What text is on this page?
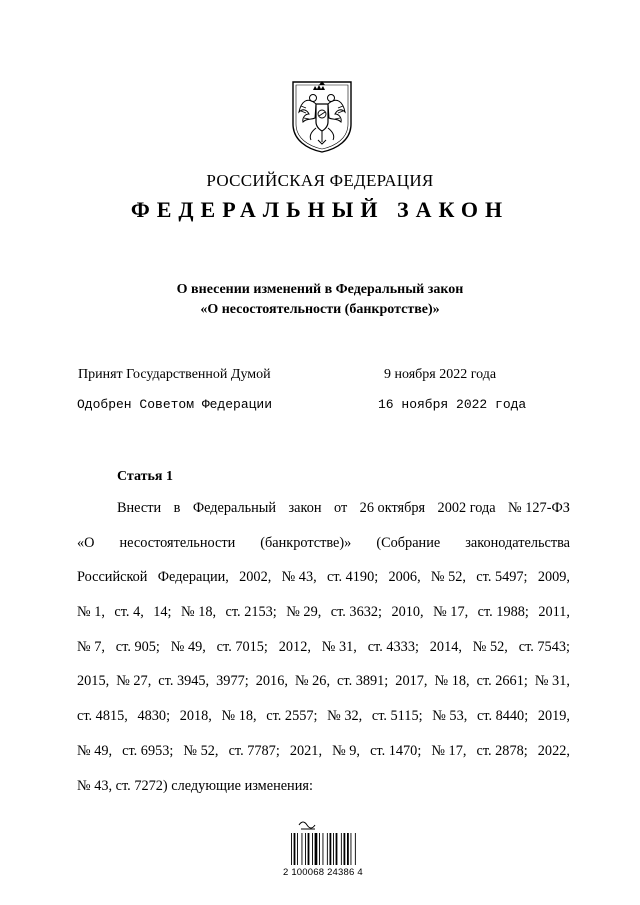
РОССИЙСКАЯ ФЕДЕРАЦИЯ
ФЕДЕРАЛЬНЫЙ ЗАКОН
О внесении изменений в Федеральный закон
«О несостоятельности (банкротстве)»
Принят Государственной Думой	9 ноября 2022 года
Одобрен Советом Федерации	16 ноября 2022 года
Статья 1
Внести в Федеральный закон от 26 октября 2002 года № 127-ФЗ
«О несостоятельности (банкротстве)» (Собрание законодательства
Российской Федерации, 2002, № 43, ст. 4190; 2006, № 52, ст. 5497; 2009,
№ 1, ст. 4, 14; № 18, ст. 2153; № 29, ст. 3632; 2010, № 17, ст. 1988; 2011,
№ 7, ст. 905; № 49, ст. 7015; 2012, № 31, ст. 4333; 2014, № 52, ст. 7543;
2015, № 27, ст. 3945, 3977; 2016, № 26, ст. 3891; 2017, № 18, ст. 2661; № 31,
ст. 4815, 4830; 2018, № 18, ст. 2557; № 32, ст. 5115; № 53, ст. 8440; 2019,
№ 49, ст. 6953; № 52, ст. 7787; 2021, № 9, ст. 1470; № 17, ст. 2878; 2022,
№ 43, ст. 7272) следующие изменения:
2 100068 24386 4
